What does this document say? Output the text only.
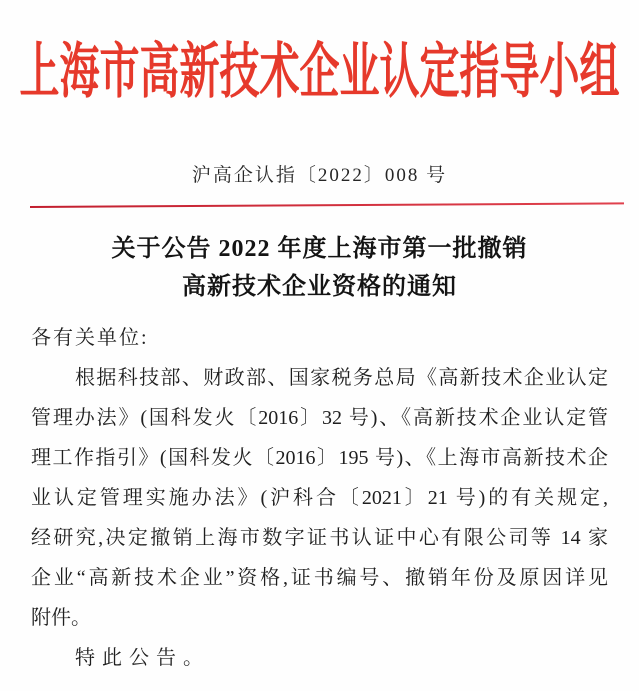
上海市高新技术企业认定指导小组
沪高企认指〔2022〕008 号
关于公告 2022 年度上海市第一批撤销
高新技术企业资格的通知
各有关单位:
根据科技部、财政部、国家税务总局《高新技术企业认定
管理办法》(国科发火〔2016〕32 号)、《高新技术企业认定管
理工作指引》(国科发火〔2016〕195 号)、《上海市高新技术企
业认定管理实施办法》(沪科合〔2021〕21 号)的有关规定,
经研究,决定撤销上海市数字证书认证中心有限公司等 14 家
企业“高新技术企业”资格,证书编号、撤销年份及原因详见
附件。
特此公告。
